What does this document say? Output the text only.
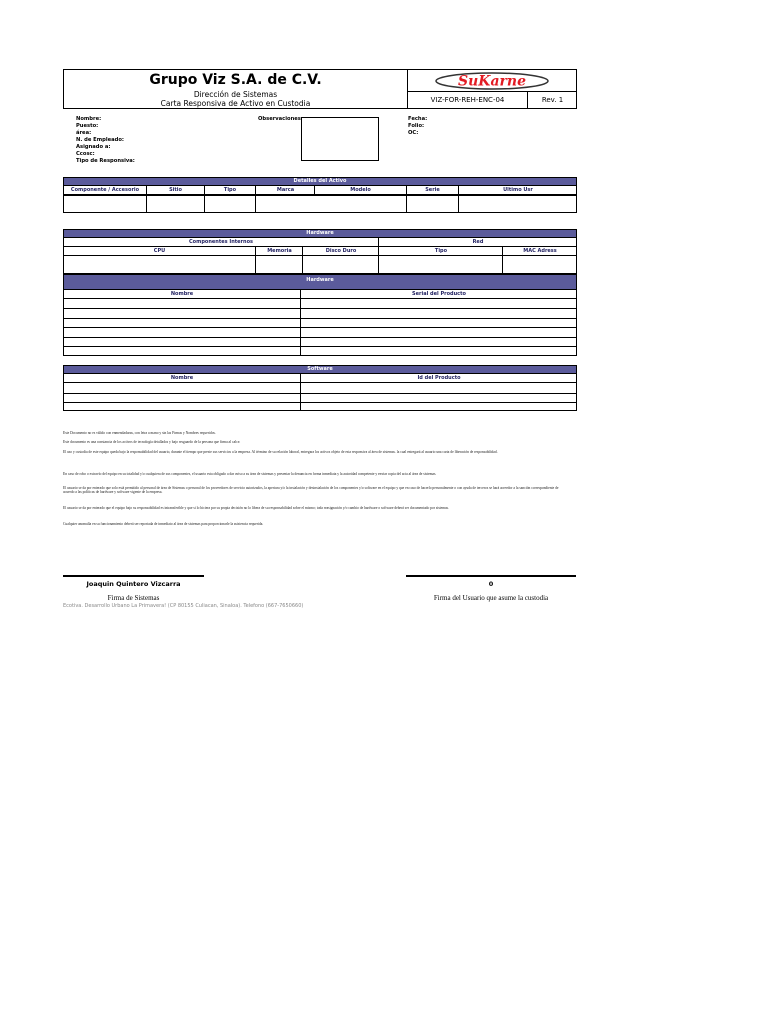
Grupo Viz S.A. de C.V.
Dirección de Sistemas
Carta Responsiva de Activo en Custodia
SuKarne
VIZ-FOR-REH-ENC-04	Rev. 1
Nombre:
Puesto:
área:
N. de Empleado:
Asignado a:
Ccosc:
Tipo de Responsiva:
Observaciones	Fecha:
Folio:
OC:
Detalles del Activo
Componente / Accesorio	Sitio	Tipo	Marca	Modelo	Serie	Ultimo Usr
Hardware
Componentes Internos	Red
CPU	Memoria	Disco Duro	Tipo	MAC Adress
Hardware
Nombre	Serial del Producto
Software
Nombre	Id del Producto
Este Documento no es válido con enmendaduras, con letra a mano y sin las Firmas y Nombres requeridos.
Este documento es una constancia de los activos de tecnología detallados y bajo resguardo de la persona que firma al calce.
El uso y custodia de este equipo queda bajo la responsabilidad del usuario, durante el tiempo que preste sus servicios a la empresa. Al término de su relación laboral, entregara los activos objeto de esta responsiva al área de sistemas. la cual entregará al usuario una carta de liberación de responsabilidad.
En caso de robo o extravío del equipo en su totalidad y/o cualquiera de sus componentes, el usuario esta obligado a dar aviso a su área de sistemas y presentar la denuncia en forma inmediata y la autoridad competente y enviar copia del acta al área de sistemas.
El usuario se da por enterado que solo está permitido al personal de área de Sistemas o personal de los proveedores de servicio autorizados, la apertura y/o la instalación y desinstalación de los componentes y/o software en el equipo y que en caso de hacerlo personalmente o con ayuda de terceros se hará acreedor a la sanción correspondiente de acuerdo a las políticas de hardware y software vigente de la empresa.
El usuario se da por enterado que el equipo bajo su responsabilidad es intransferible y que si lo hiciera por su propia decisión no lo libera de su responsabilidad sobre el mismo; toda reasignación y/o cambio de hardware o software deberá ser documentado por sistemas.
Cualquier anomalía en su funcionamiento deberá ser reportada de inmediato al área de sistemas para proporcionarle la asistencia requerida.
Joaquin Quintero Vizcarra
Firma de Sistemas
0
Firma del Usuario que asume la custodia
Ecotiva. Desarrollo Urbano La Primavera! (CP 80155 Culiacan, Sinaloa). Telefono (667-7650660)
